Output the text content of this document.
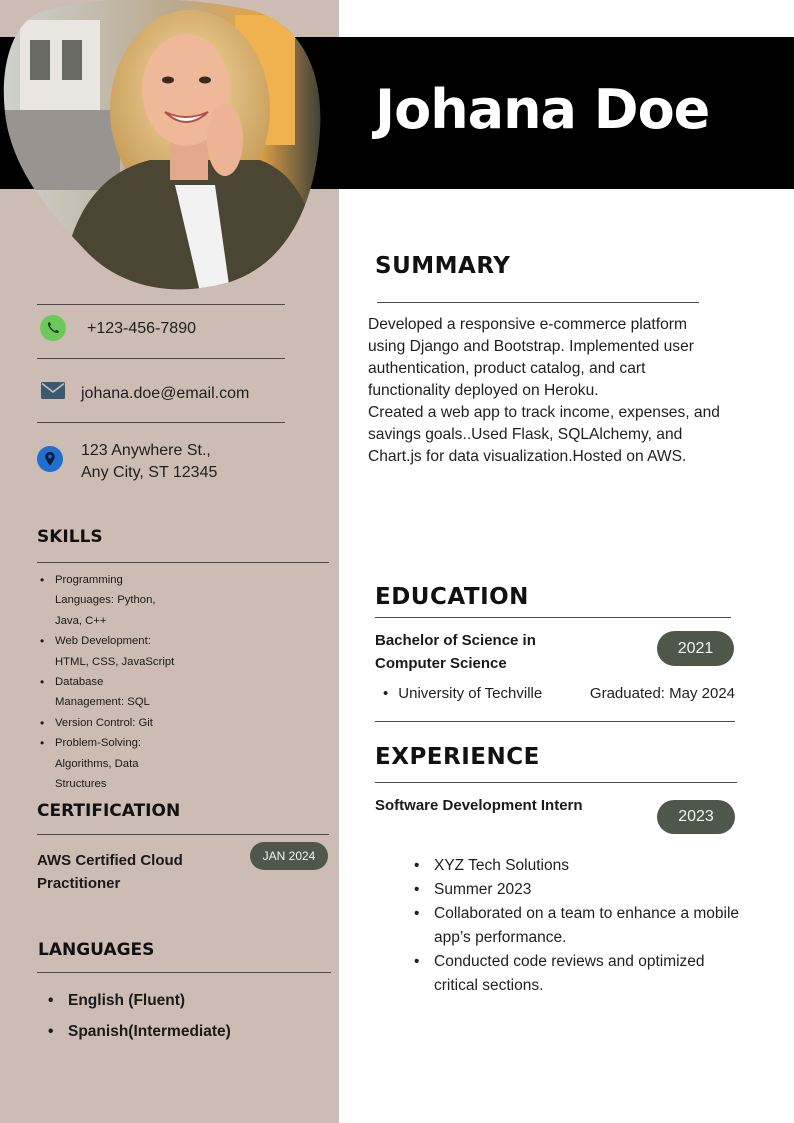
Johana Doe
+123-456-7890
johana.doe@email.com
123 Anywhere St.,
Any City, ST 12345
SKILLS
• Programming
Languages: Python,
Java, C++
• Web Development:
HTML, CSS, JavaScript
• Database
Management: SQL
• Version Control: Git
• Problem-Solving:
Algorithms, Data
Structures
CERTIFICATION
AWS Certified Cloud Practitioner
JAN 2024
LANGUAGES
• English (Fluent)
• Spanish(Intermediate)
SUMMARY

Developed a responsive e-commerce platform
using Django and Bootstrap. Implemented user
authentication, product catalog, and cart
functionality deployed on Heroku.
Created a web app to track income, expenses, and
savings goals..Used Flask, SQLAlchemy, and
Chart.js for data visualization.Hosted on AWS.

EDUCATION
Bachelor of Science in Computer Science
2021
• University of Techville	Graduated: May 2024
EXPERIENCE
Software Development Intern
2023
• XYZ Tech Solutions
• Summer 2023
• Collaborated on a team to enhance a mobile app’s performance.
• Conducted code reviews and optimized critical sections.
